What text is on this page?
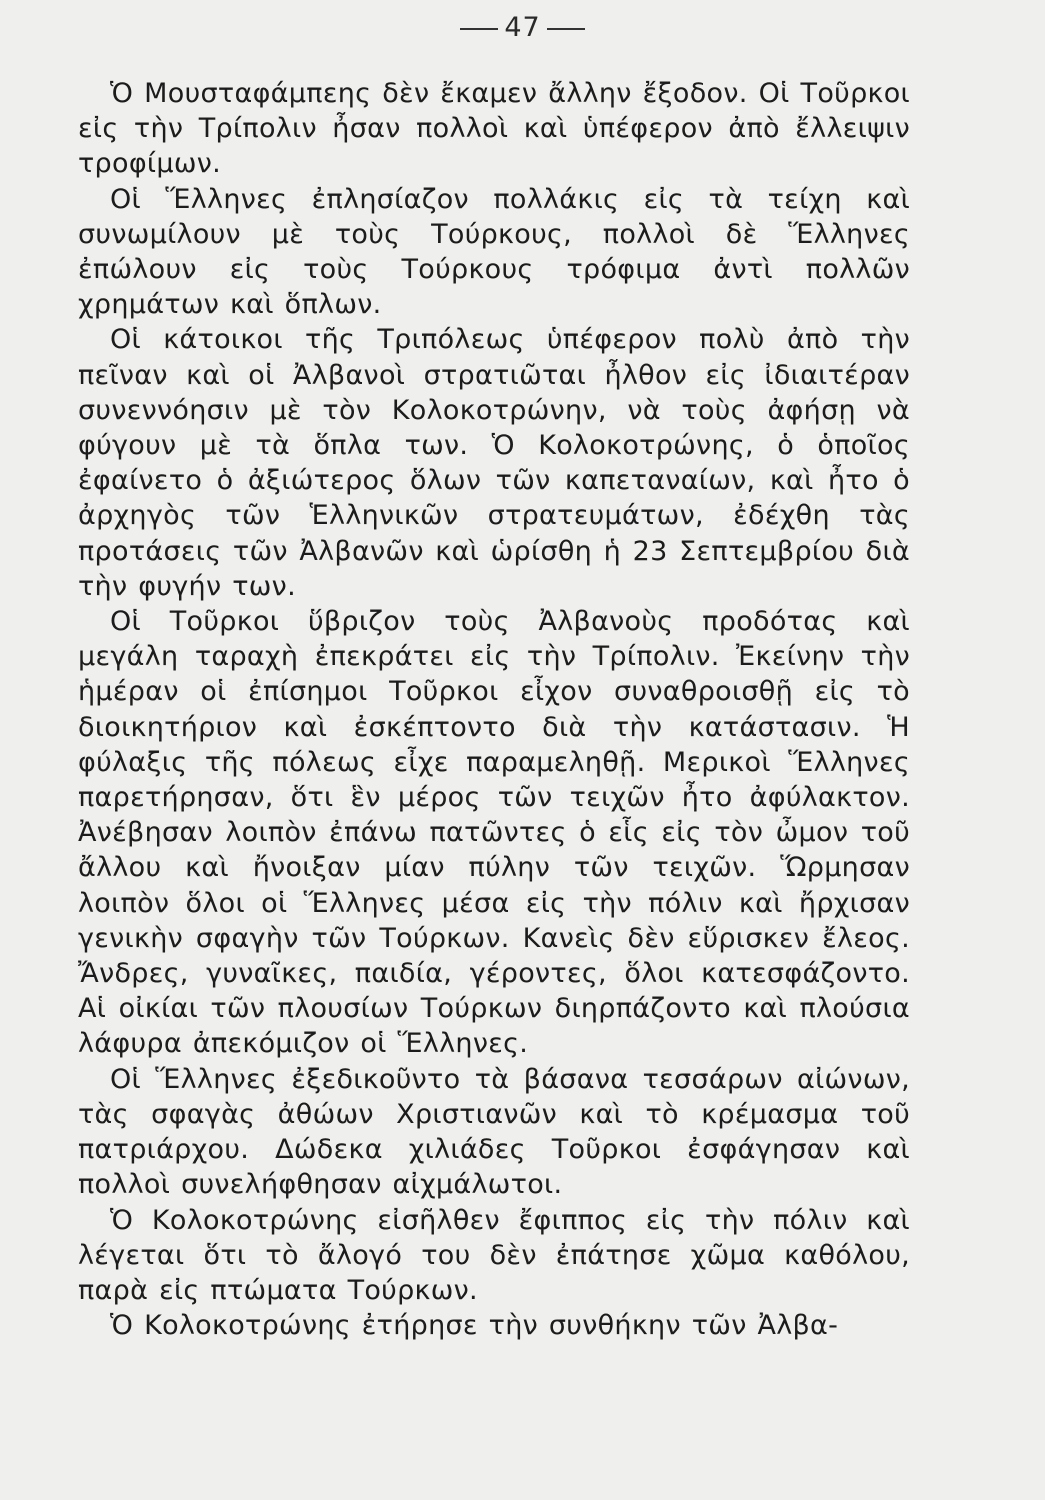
47

Ὁ Μουσταφάμπεης δὲν ἔκαμεν ἄλλην ἔξοδον. Οἱ Τοῦρκοι εἰς τὴν Τρίπολιν ἦσαν πολλοὶ καὶ ὑπέφερον ἀπὸ ἔλλειψιν τροφίμων.

Οἱ Ἕλληνες ἐπλησίαζον πολλάκις εἰς τὰ τείχη καὶ συνωμίλουν μὲ τοὺς Τούρκους, πολλοὶ δὲ Ἕλληνες ἐπώλουν εἰς τοὺς Τούρκους τρόφιμα ἀντὶ πολλῶν χρημάτων καὶ ὅπλων.

Οἱ κάτοικοι τῆς Τριπόλεως ὑπέφερον πολὺ ἀπὸ τὴν πεῖναν καὶ οἱ Ἀλβανοὶ στρατιῶται ἦλθον εἰς ἰδιαιτέραν συνεννόησιν μὲ τὸν Κολοκοτρώνην, νὰ τοὺς ἀφήσῃ νὰ φύγουν μὲ τὰ ὅπλα των. Ὁ Κολοκοτρώνης, ὁ ὁποῖος ἐφαίνετο ὁ ἀξιώτερος ὅλων τῶν καπεταναίων, καὶ ἦτο ὁ ἀρχηγὸς τῶν Ἑλληνικῶν στρατευμάτων, ἐδέχθη τὰς προτάσεις τῶν Ἀλβανῶν καὶ ὡρίσθη ἡ 23 Σεπτεμβρίου διὰ τὴν φυγήν των.

Οἱ Τοῦρκοι ὕβριζον τοὺς Ἀλβανοὺς προδότας καὶ μεγάλη ταραχὴ ἐπεκράτει εἰς τὴν Τρίπολιν. Ἐκείνην τὴν ἡμέραν οἱ ἐπίσημοι Τοῦρκοι εἶχον συναθροισθῇ εἰς τὸ διοικητήριον καὶ ἐσκέπτοντο διὰ τὴν κατάστασιν. Ἡ φύλαξις τῆς πόλεως εἶχε παραμεληθῇ. Μερικοὶ Ἕλληνες παρετήρησαν, ὅτι ἓν μέρος τῶν τειχῶν ἦτο ἀφύλακτον. Ἀνέβησαν λοιπὸν ἐπάνω πατῶντες ὁ εἷς εἰς τὸν ὦμον τοῦ ἄλλου καὶ ἤνοιξαν μίαν πύλην τῶν τειχῶν. Ὥρμησαν λοιπὸν ὅλοι οἱ Ἕλληνες μέσα εἰς τὴν πόλιν καὶ ἤρχισαν γενικὴν σφαγὴν τῶν Τούρκων. Κανεὶς δὲν εὕρισκεν ἔλεος. Ἄνδρες, γυναῖκες, παιδία, γέροντες, ὅλοι κατεσφάζοντο. Αἱ οἰκίαι τῶν πλουσίων Τούρκων διηρπάζοντο καὶ πλούσια λάφυρα ἀπεκόμιζον οἱ Ἕλληνες.

Οἱ Ἕλληνες ἐξεδικοῦντο τὰ βάσανα τεσσάρων αἰώνων, τὰς σφαγὰς ἀθώων Χριστιανῶν καὶ τὸ κρέμασμα τοῦ πατριάρχου. Δώδεκα χιλιάδες Τοῦρκοι ἐσφάγησαν καὶ πολλοὶ συνελήφθησαν αἰχμάλωτοι.

Ὁ Κολοκοτρώνης εἰσῆλθεν ἔφιππος εἰς τὴν πόλιν καὶ λέγεται ὅτι τὸ ἄλογό του δὲν ἐπάτησε χῶμα καθόλου, παρὰ εἰς πτώματα Τούρκων.

Ὁ Κολοκοτρώνης ἐτήρησε τὴν συνθήκην τῶν Ἀλβα-
